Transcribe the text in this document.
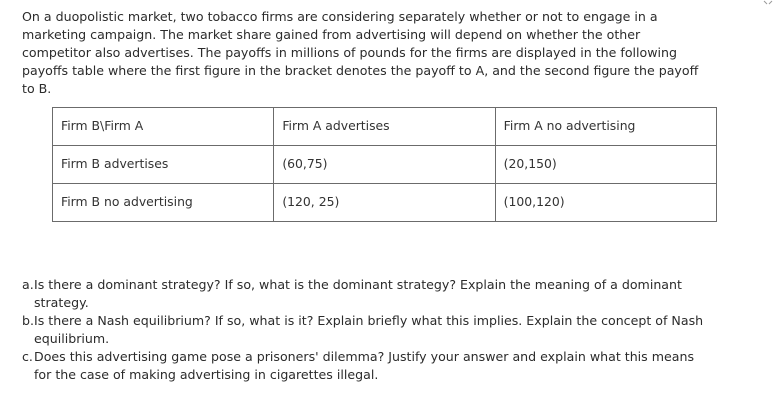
On a duopolistic market, two tobacco firms are considering separately whether or not to engage in a
marketing campaign. The market share gained from advertising will depend on whether the other
competitor also advertises. The payoffs in millions of pounds for the firms are displayed in the following
payoffs table where the first figure in the bracket denotes the payoff to A, and the second figure the payoff
to B.
Firm B\Firm A	Firm A advertises	Firm A no advertising
Firm B advertises	(60,75)	(20,150)
Firm B no advertising	(120, 25)	(100,120)
a. Is there a dominant strategy? If so, what is the dominant strategy? Explain the meaning of a dominant
strategy.
b. Is there a Nash equilibrium? If so, what is it? Explain briefly what this implies. Explain the concept of Nash
equilibrium.
c. Does this advertising game pose a prisoners' dilemma? Justify your answer and explain what this means
for the case of making advertising in cigarettes illegal.
